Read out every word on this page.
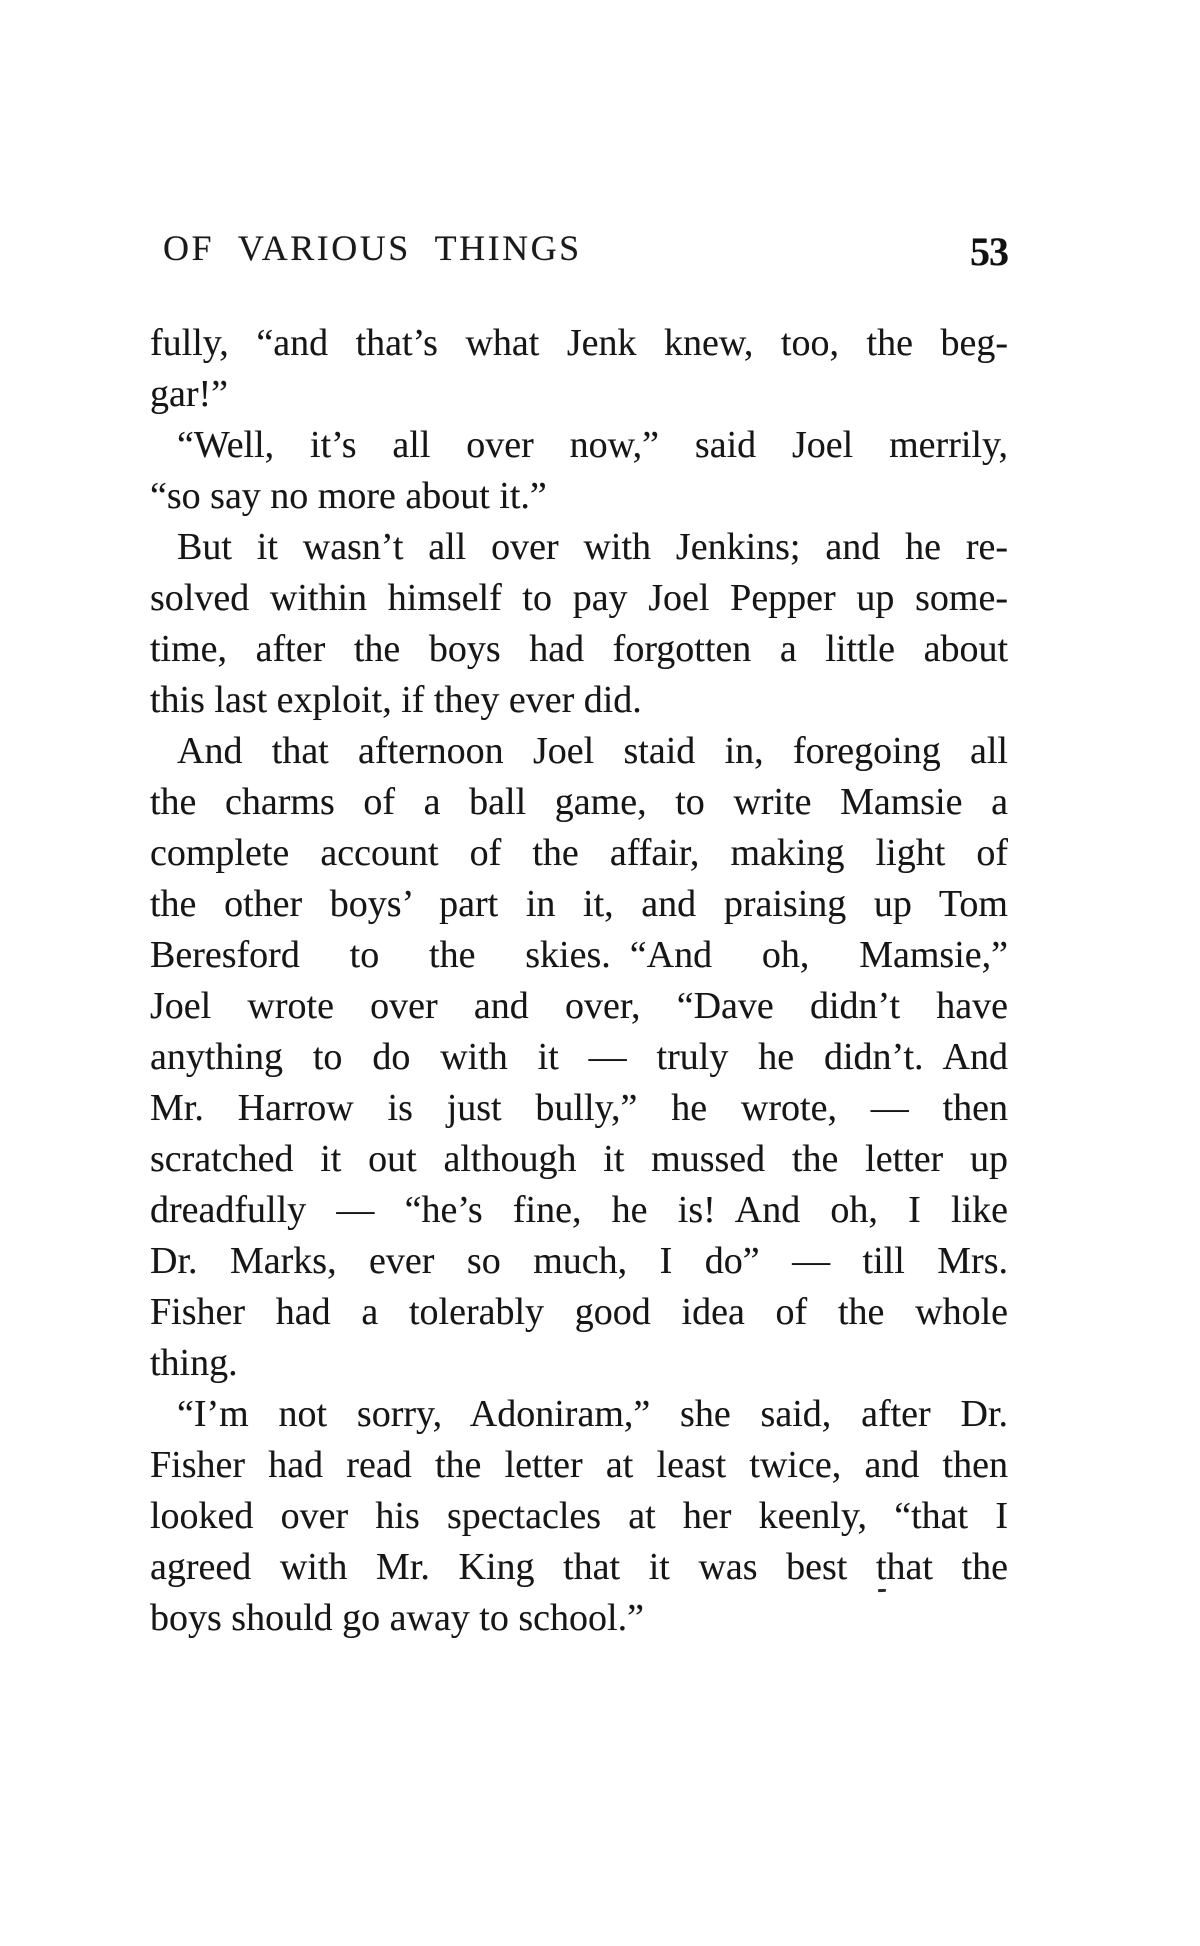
OF VARIOUS THINGS	53
fully, “and that’s what Jenk knew, too, the beg-
gar!”
“Well, it’s all over now,” said Joel merrily,
“so say no more about it.”
But it wasn’t all over with Jenkins; and he re-
solved within himself to pay Joel Pepper up some-
time, after the boys had forgotten a little about
this last exploit, if they ever did.
And that afternoon Joel staid in, foregoing all
the charms of a ball game, to write Mamsie a
complete account of the affair, making light of
the other boys’ part in it, and praising up Tom
Beresford to the skies. “And oh, Mamsie,”
Joel wrote over and over, “Dave didn’t have
anything to do with it — truly he didn’t. And
Mr. Harrow is just bully,” he wrote, — then
scratched it out although it mussed the letter up
dreadfully — “he’s fine, he is! And oh, I like
Dr. Marks, ever so much, I do” — till Mrs.
Fisher had a tolerably good idea of the whole
thing.
“I’m not sorry, Adoniram,” she said, after Dr.
Fisher had read the letter at least twice, and then
looked over his spectacles at her keenly, “that I
agreed with Mr. King that it was best that the
boys should go away to school.”
